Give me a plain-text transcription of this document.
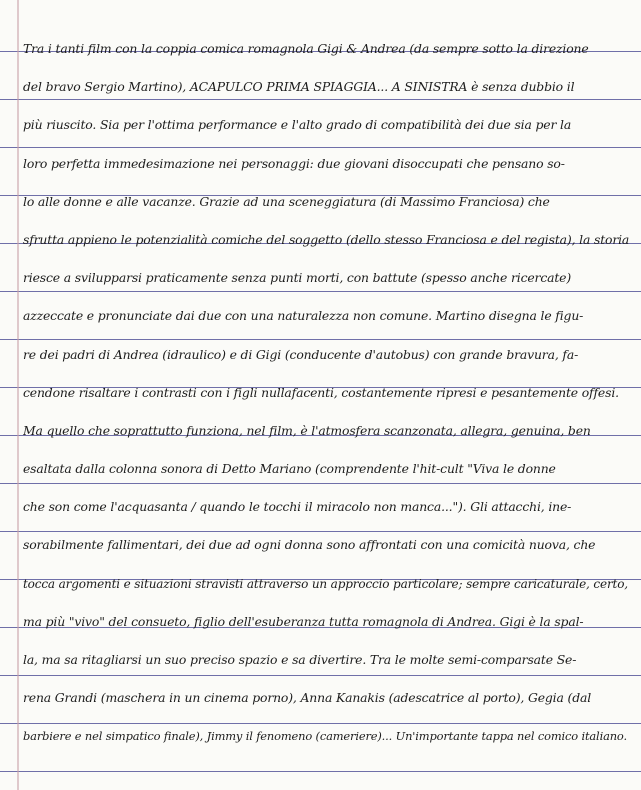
Tra i tanti film con la coppia comica romagnola Gigi & Andrea (da sempre sotto la direzione
del bravo Sergio Martino), ACAPULCO PRIMA SPIAGGIA... A SINISTRA è senza dubbio il
più riuscito. Sia per l'ottima performance e l'alto grado di compatibilità dei due sia per la
loro perfetta immedesimazione nei personaggi: due giovani disoccupati che pensano so-
lo alle donne e alle vacanze. Grazie ad una sceneggiatura (di Massimo Franciosa) che
sfrutta appieno le potenzialità comiche del soggetto (dello stesso Franciosa e del regista), la storia
riesce a svilupparsi praticamente senza punti morti, con battute (spesso anche ricercate)
azzeccate e pronunciate dai due con una naturalezza non comune. Martino disegna le figu-
re dei padri di Andrea (idraulico) e di Gigi (conducente d'autobus) con grande bravura, fa-
cendone risaltare i contrasti con i figli nullafacenti, costantemente ripresi e pesantemente offesi.
Ma quello che soprattutto funziona, nel film, è l'atmosfera scanzonata, allegra, genuina, ben
esaltata dalla colonna sonora di Detto Mariano (comprendente l'hit-cult "Viva le donne
che son come l'acquasanta / quando le tocchi il miracolo non manca..."). Gli attacchi, ine-
sorabilmente fallimentari, dei due ad ogni donna sono affrontati con una comicità nuova, che
tocca argomenti e situazioni stravisti attraverso un approccio particolare; sempre caricaturale, certo,
ma più "vivo" del consueto, figlio dell'esuberanza tutta romagnola di Andrea. Gigi è la spal-
la, ma sa ritagliarsi un suo preciso spazio e sa divertire. Tra le molte semi-comparsate Se-
rena Grandi (maschera in un cinema porno), Anna Kanakis (adescatrice al porto), Gegia (dal
barbiere e nel simpatico finale), Jimmy il fenomeno (cameriere)... Un'importante tappa nel comico italiano.
